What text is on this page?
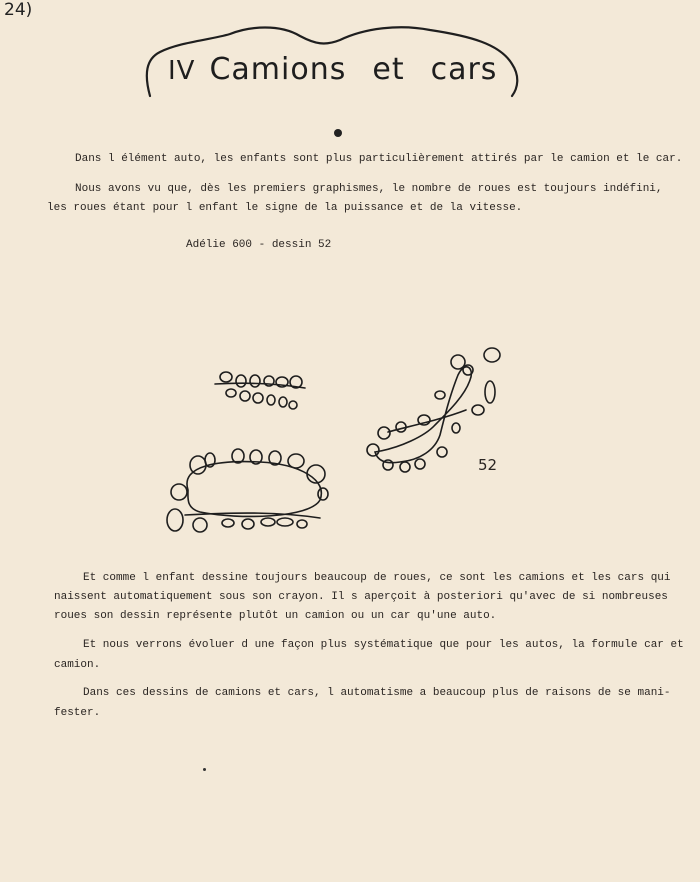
24)
IV Camions et cars
Dans l élément auto, les enfants sont plus particulièrement attirés par le camion et le car.
Nous avons vu que, dès les premiers graphismes, le nombre de roues est toujours indéfini,
les roues étant pour l enfant le signe de la puissance et de la vitesse.
Adélie 600 - dessin 52
52
Et comme l enfant dessine toujours beaucoup de roues, ce sont les camions et les cars qui
naissent automatiquement sous son crayon. Il s aperçoit à posteriori qu'avec de si nombreuses
roues son dessin représente plutôt un camion ou un car qu'une auto.
Et nous verrons évoluer d une façon plus systématique que pour les autos, la formule car et
camion.
Dans ces dessins de camions et cars, l automatisme a beaucoup plus de raisons de se mani-
fester.
